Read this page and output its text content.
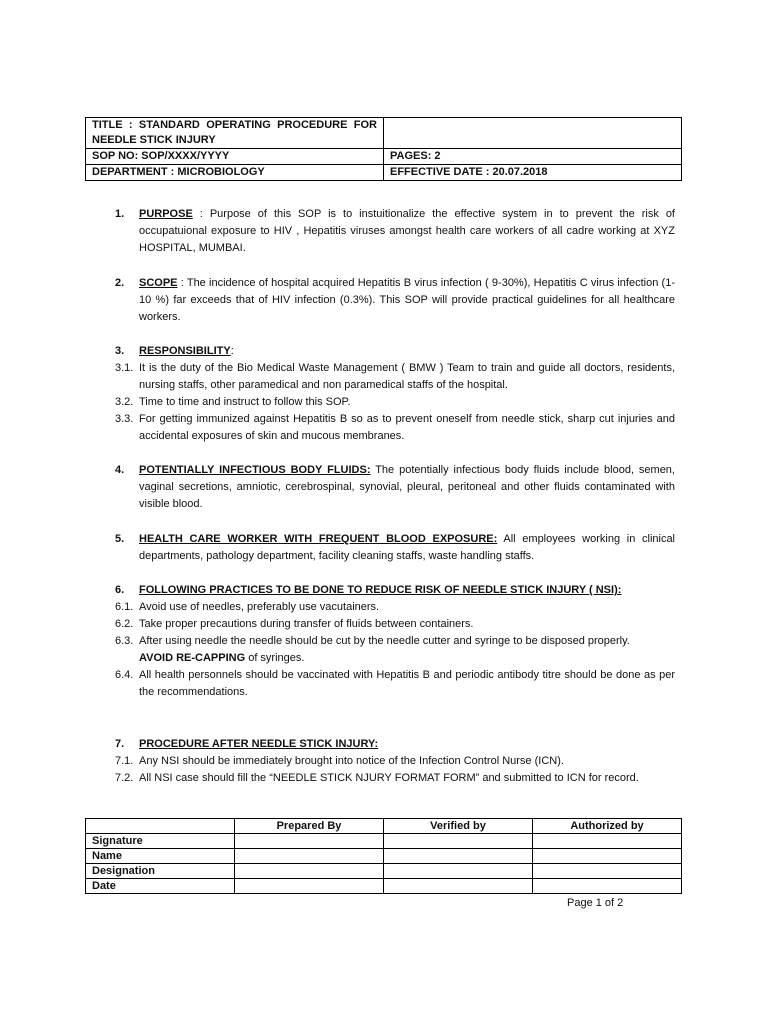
TITLE : STANDARD OPERATING PROCEDURE FOR NEEDLE STICK INJURY	
SOP NO: SOP/XXXX/YYYY	PAGES: 2
DEPARTMENT : MICROBIOLOGY	EFFECTIVE DATE : 20.07.2018
1. PURPOSE : Purpose of this SOP is to instuitionalize the effective system in to prevent the risk of occupatuional exposure to HIV , Hepatitis viruses amongst health care workers of all cadre working at XYZ HOSPITAL, MUMBAI.
2. SCOPE : The incidence of hospital acquired Hepatitis B virus infection ( 9-30%), Hepatitis C virus infection (1- 10 %) far exceeds that of HIV infection (0.3%). This SOP will provide practical guidelines for all healthcare workers.
3. RESPONSIBILITY:
3.1. It is the duty of the Bio Medical Waste Management ( BMW ) Team to train and guide all doctors, residents, nursing staffs, other paramedical and non paramedical staffs of the hospital.
3.2. Time to time and instruct to follow this SOP.
3.3. For getting immunized against Hepatitis B so as to prevent oneself from needle stick, sharp cut injuries and accidental exposures of skin and mucous membranes.
4. POTENTIALLY INFECTIOUS BODY FLUIDS: The potentially infectious body fluids include blood, semen, vaginal secretions, amniotic, cerebrospinal, synovial, pleural, peritoneal and other fluids contaminated with visible blood.
5. HEALTH CARE WORKER WITH FREQUENT BLOOD EXPOSURE: All employees working in clinical departments, pathology department, facility cleaning staffs, waste handling staffs.
6. FOLLOWING PRACTICES TO BE DONE TO REDUCE RISK OF NEEDLE STICK INJURY ( NSI):
6.1. Avoid use of needles, preferably use vacutainers.
6.2. Take proper precautions during transfer of fluids between containers.
6.3. After using needle the needle should be cut by the needle cutter and syringe to be disposed properly.
AVOID RE-CAPPING of syringes.
6.4. All health personnels should be vaccinated with Hepatitis B and periodic antibody titre should be done as per the recommendations.
7. PROCEDURE AFTER NEEDLE STICK INJURY:
7.1. Any NSI should be immediately brought into notice of the Infection Control Nurse (ICN).
7.2. All NSI case should fill the “NEEDLE STICK NJURY FORMAT FORM” and submitted to ICN for record.
	Prepared By	Verified by	Authorized by
Signature			
Name			
Designation			
Date			
Page 1 of 2
